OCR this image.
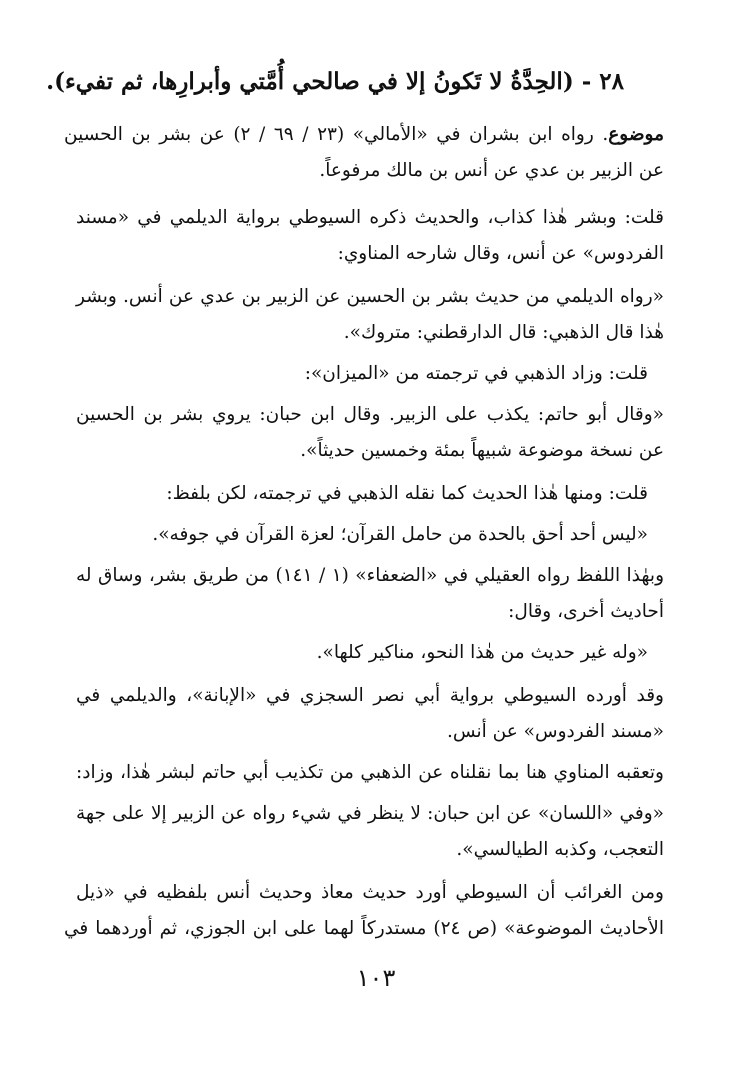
٢٨ - (الحِدَّةُ لا تَكونُ إلا في صالحي أُمَّتي وأبرارِها، ثم تفيء).
موضوع. رواه ابن بشران في «الأمالي» (٢٣ / ٦٩ / ٢) عن بشر بن الحسين
عن الزبير بن عدي عن أنس بن مالك مرفوعاً.
قلت: وبشر هٰذا كذاب، والحديث ذكره السيوطي برواية الديلمي في «مسند
الفردوس» عن أنس، وقال شارحه المناوي:
«رواه الديلمي من حديث بشر بن الحسين عن الزبير بن عدي عن أنس. وبشر
هٰذا قال الذهبي: قال الدارقطني: متروك».
قلت: وزاد الذهبي في ترجمته من «الميزان»:
«وقال أبو حاتم: يكذب على الزبير. وقال ابن حبان: يروي بشر بن الحسين
عن نسخة موضوعة شبيهاً بمئة وخمسين حديثاً».
قلت: ومنها هٰذا الحديث كما نقله الذهبي في ترجمته، لكن بلفظ:
«ليس أحد أحق بالحدة من حامل القرآن؛ لعزة القرآن في جوفه».
وبهٰذا اللفظ رواه العقيلي في «الضعفاء» (١ / ١٤١) من طريق بشر، وساق له
أحاديث أخرى، وقال:
«وله غير حديث من هٰذا النحو، مناكير كلها».
وقد أورده السيوطي برواية أبي نصر السجزي في «الإبانة»، والديلمي في
«مسند الفردوس» عن أنس.
وتعقبه المناوي هنا بما نقلناه عن الذهبي من تكذيب أبي حاتم لبشر هٰذا، وزاد:
«وفي «اللسان» عن ابن حبان: لا ينظر في شيء رواه عن الزبير إلا على جهة
التعجب، وكذبه الطيالسي».
ومن الغرائب أن السيوطي أورد حديث معاذ وحديث أنس بلفظيه في «ذيل
الأحاديث الموضوعة» (ص ٢٤) مستدركاً لهما على ابن الجوزي، ثم أوردهما في
١٠٣
